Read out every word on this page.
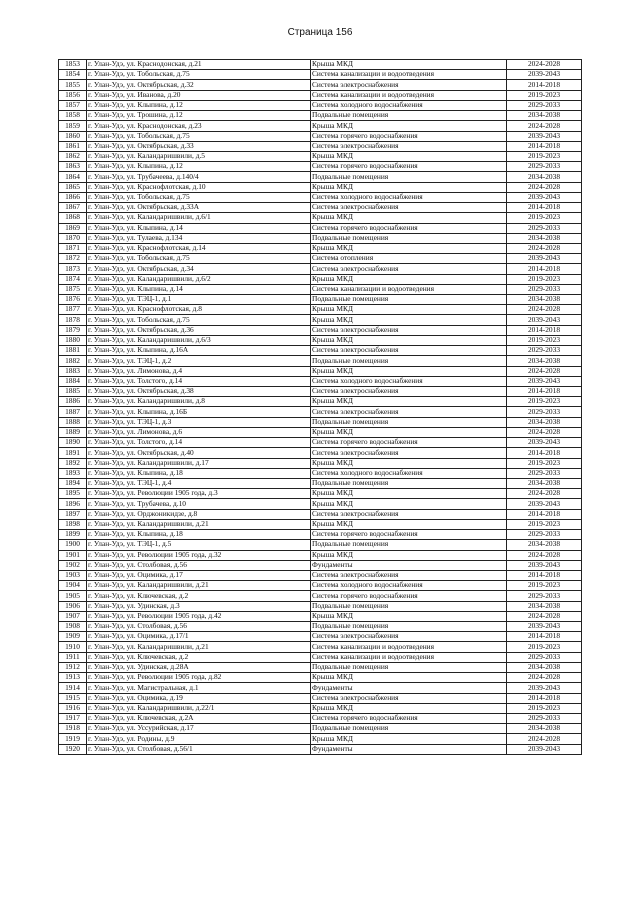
Страница 156
1853	г. Улан-Удэ, ул. Краснодонская, д.21	Крыша МКД	2024-2028
1854	г. Улан-Удэ, ул. Тобольская, д.75	Система канализации и водоотведения	2039-2043
1855	г. Улан-Удэ, ул. Октябрьская, д.32	Система электроснабжения	2014-2018
1856	г. Улан-Удэ, ул. Иванова, д.20	Система канализации и водоотведения	2019-2023
1857	г. Улан-Удэ, ул. Клыпина, д.12	Система холодного водоснабжения	2029-2033
1858	г. Улан-Удэ, ул. Трошина, д.12	Подвальные помещения	2034-2038
1859	г. Улан-Удэ, ул. Краснодонская, д.23	Крыша МКД	2024-2028
1860	г. Улан-Удэ, ул. Тобольская, д.75	Система горячего водоснабжения	2039-2043
1861	г. Улан-Удэ, ул. Октябрьская, д.33	Система электроснабжения	2014-2018
1862	г. Улан-Удэ, ул. Каландаришвили, д.5	Крыша МКД	2019-2023
1863	г. Улан-Удэ, ул. Клыпина, д.12	Система горячего водоснабжения	2029-2033
1864	г. Улан-Удэ, ул. Трубачеева, д.140/4	Подвальные помещения	2034-2038
1865	г. Улан-Удэ, ул. Краснофлотская, д.10	Крыша МКД	2024-2028
1866	г. Улан-Удэ, ул. Тобольская, д.75	Система холодного водоснабжения	2039-2043
1867	г. Улан-Удэ, ул. Октябрьская, д.33А	Система электроснабжения	2014-2018
1868	г. Улан-Удэ, ул. Каландаришвили, д.6/1	Крыша МКД	2019-2023
1869	г. Улан-Удэ, ул. Клыпина, д.14	Система горячего водоснабжения	2029-2033
1870	г. Улан-Удэ, ул. Тулаева, д.134	Подвальные помещения	2034-2038
1871	г. Улан-Удэ, ул. Краснофлотская, д.14	Крыша МКД	2024-2028
1872	г. Улан-Удэ, ул. Тобольская, д.75	Система отопления	2039-2043
1873	г. Улан-Удэ, ул. Октябрьская, д.34	Система электроснабжения	2014-2018
1874	г. Улан-Удэ, ул. Каландаришвили, д.6/2	Крыша МКД	2019-2023
1875	г. Улан-Удэ, ул. Клыпина, д.14	Система канализации и водоотведения	2029-2033
1876	г. Улан-Удэ, ул. ТЭЦ-1, д.1	Подвальные помещения	2034-2038
1877	г. Улан-Удэ, ул. Краснофлотская, д.8	Крыша МКД	2024-2028
1878	г. Улан-Удэ, ул. Тобольская, д.75	Крыша МКД	2039-2043
1879	г. Улан-Удэ, ул. Октябрьская, д.36	Система электроснабжения	2014-2018
1880	г. Улан-Удэ, ул. Каландаришвили, д.6/3	Крыша МКД	2019-2023
1881	г. Улан-Удэ, ул. Клыпина, д.16А	Система электроснабжения	2029-2033
1882	г. Улан-Удэ, ул. ТЭЦ-1, д.2	Подвальные помещения	2034-2038
1883	г. Улан-Удэ, ул. Лимонова, д.4	Крыша МКД	2024-2028
1884	г. Улан-Удэ, ул. Толстого, д.14	Система холодного водоснабжения	2039-2043
1885	г. Улан-Удэ, ул. Октябрьская, д.38	Система электроснабжения	2014-2018
1886	г. Улан-Удэ, ул. Каландаришвили, д.8	Крыша МКД	2019-2023
1887	г. Улан-Удэ, ул. Клыпина, д.16Б	Система электроснабжения	2029-2033
1888	г. Улан-Удэ, ул. ТЭЦ-1, д.3	Подвальные помещения	2034-2038
1889	г. Улан-Удэ, ул. Лимонова, д.6	Крыша МКД	2024-2028
1890	г. Улан-Удэ, ул. Толстого, д.14	Система горячего водоснабжения	2039-2043
1891	г. Улан-Удэ, ул. Октябрьская, д.40	Система электроснабжения	2014-2018
1892	г. Улан-Удэ, ул. Каландаришвили, д.17	Крыша МКД	2019-2023
1893	г. Улан-Удэ, ул. Клыпина, д.18	Система холодного водоснабжения	2029-2033
1894	г. Улан-Удэ, ул. ТЭЦ-1, д.4	Подвальные помещения	2034-2038
1895	г. Улан-Удэ, ул. Революции 1905 года, д.3	Крыша МКД	2024-2028
1896	г. Улан-Удэ, ул. Трубачева, д.10	Крыша МКД	2039-2043
1897	г. Улан-Удэ, ул. Орджоникидзе, д.8	Система электроснабжения	2014-2018
1898	г. Улан-Удэ, ул. Каландаришвили, д.21	Крыша МКД	2019-2023
1899	г. Улан-Удэ, ул. Клыпина, д.18	Система горячего водоснабжения	2029-2033
1900	г. Улан-Удэ, ул. ТЭЦ-1, д.5	Подвальные помещения	2034-2038
1901	г. Улан-Удэ, ул. Революции 1905 года, д.32	Крыша МКД	2024-2028
1902	г. Улан-Удэ, ул. Столбовая, д.56	Фундаменты	2039-2043
1903	г. Улан-Удэ, ул. Оцимика, д.17	Система электроснабжения	2014-2018
1904	г. Улан-Удэ, ул. Каландаришвили, д.21	Система холодного водоснабжения	2019-2023
1905	г. Улан-Удэ, ул. Ключевская, д.2	Система горячего водоснабжения	2029-2033
1906	г. Улан-Удэ, ул. Удинская, д.3	Подвальные помещения	2034-2038
1907	г. Улан-Удэ, ул. Революции 1905 года, д.42	Крыша МКД	2024-2028
1908	г. Улан-Удэ, ул. Столбовая, д.56	Подвальные помещения	2039-2043
1909	г. Улан-Удэ, ул. Оцимика, д.17/1	Система электроснабжения	2014-2018
1910	г. Улан-Удэ, ул. Каландаришвили, д.21	Система канализации и водоотведения	2019-2023
1911	г. Улан-Удэ, ул. Ключевская, д.2	Система канализации и водоотведения	2029-2033
1912	г. Улан-Удэ, ул. Удинская, д.28А	Подвальные помещения	2034-2038
1913	г. Улан-Удэ, ул. Революции 1905 года, д.82	Крыша МКД	2024-2028
1914	г. Улан-Удэ, ул. Магистральная, д.1	Фундаменты	2039-2043
1915	г. Улан-Удэ, ул. Оцимика, д.19	Система электроснабжения	2014-2018
1916	г. Улан-Удэ, ул. Каландаришвили, д.22/1	Крыша МКД	2019-2023
1917	г. Улан-Удэ, ул. Ключевская, д.2А	Система горячего водоснабжения	2029-2033
1918	г. Улан-Удэ, ул. Уссурийская, д.17	Подвальные помещения	2034-2038
1919	г. Улан-Удэ, ул. Родины, д.9	Крыша МКД	2024-2028
1920	г. Улан-Удэ, ул. Столбовая, д.56/1	Фундаменты	2039-2043
